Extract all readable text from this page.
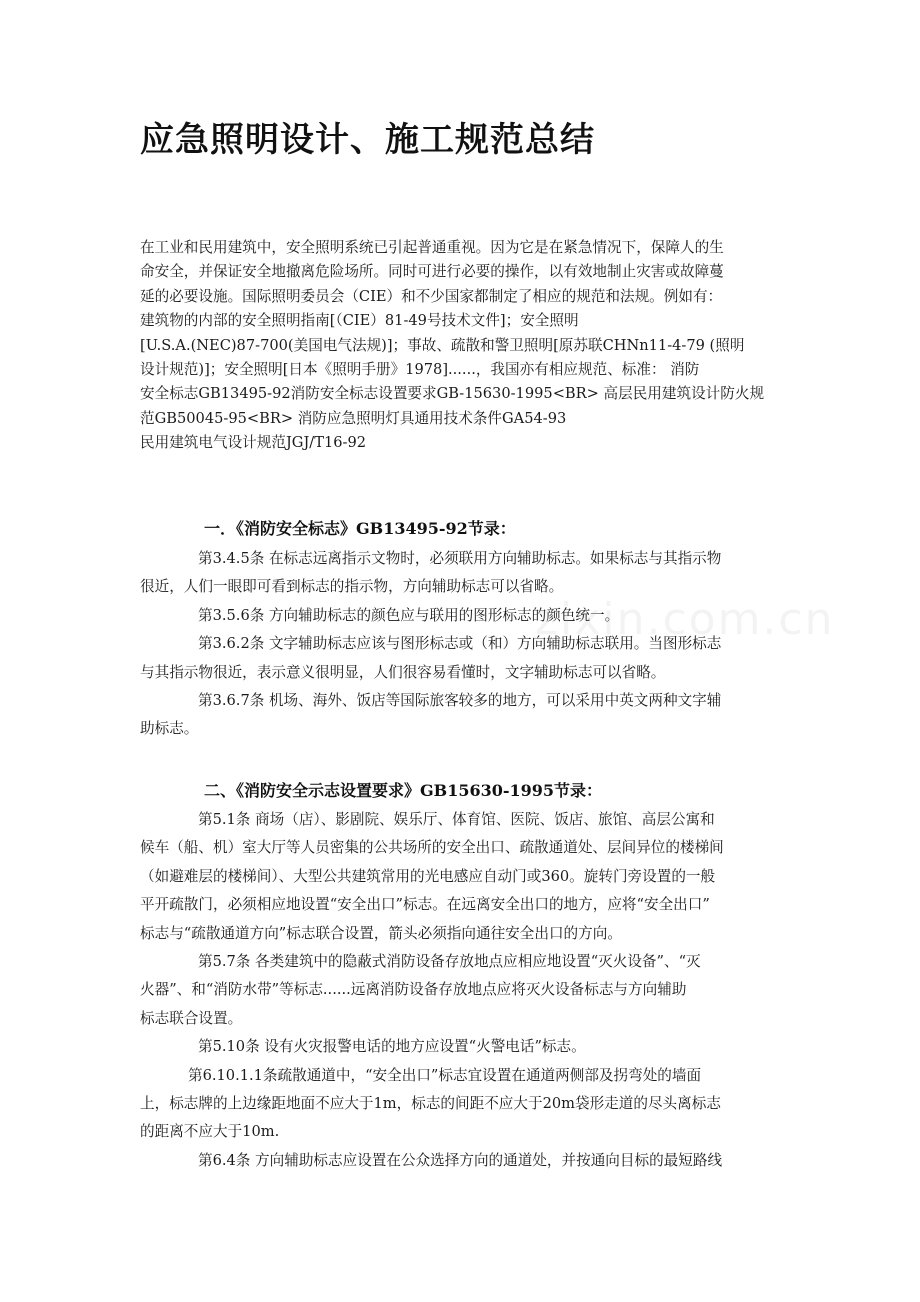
应急照明设计、施工规范总结

在工业和民用建筑中，安全照明系统已引起普通重视。因为它是在紧急情况下，保障人的生
命安全，并保证安全地撤离危险场所。同时可进行必要的操作，以有效地制止灾害或故障蔓
延的必要设施。国际照明委员会（CIE）和不少国家都制定了相应的规范和法规。例如有：
建筑物的内部的安全照明指南[（CIE）81-49号技术文件]；安全照明
[U.S.A.(NEC)87-700(美国电气法规)]；事故、疏散和警卫照明[原苏联CHNn11-4-79 (照明
设计规范)]；安全照明[日本《照明手册》1978]......，我国亦有相应规范、标准： 消防
安全标志GB13495-92消防安全标志设置要求GB-15630-1995<BR> 高层民用建筑设计防火规
范GB50045-95<BR> 消防应急照明灯具通用技术条件GA54-93
民用建筑电气设计规范JGJ/T16-92

一．《消防安全标志》GB13495-92节录：

第3.4.5条 在标志远离指示文物时，必须联用方向辅助标志。如果标志与其指示物

很近，人们一眼即可看到标志的指示物，方向辅助标志可以省略。

第3.5.6条 方向辅助标志的颜色应与联用的图形标志的颜色统一。

第3.6.2条 文字辅助标志应该与图形标志或（和）方向辅助标志联用。当图形标志

与其指示物很近，表示意义很明显，人们很容易看懂时，文字辅助标志可以省略。

第3.6.7条 机场、海外、饭店等国际旅客较多的地方，可以采用中英文两种文字辅

助标志。

二、《消防安全示志设置要求》GB15630-1995节录：

第5.1条 商场（店）、影剧院、娱乐厅、体育馆、医院、饭店、旅馆、高层公寓和

候车（船、机）室大厅等人员密集的公共场所的安全出口、疏散通道处、层间异位的楼梯间

（如避难层的楼梯间）、大型公共建筑常用的光电感应自动门或360。旋转门旁设置的一般

平开疏散门，必须相应地设置“安全出口”标志。在远离安全出口的地方，应将“安全出口”

标志与“疏散通道方向”标志联合设置，箭头必须指向通往安全出口的方向。

第5.7条 各类建筑中的隐蔽式消防设备存放地点应相应地设置“灭火设备”、“灭

火器”、和“消防水带”等标志......远离消防设备存放地点应将灭火设备标志与方向辅助

标志联合设置。

第5.10条 设有火灾报警电话的地方应设置“火警电话”标志。

第6.10.1.1条疏散通道中，“安全出口”标志宜设置在通道两侧部及拐弯处的墙面

上，标志牌的上边缘距地面不应大于1m，标志的间距不应大于20m袋形走道的尽头离标志

的距离不应大于10m.

第6.4条 方向辅助标志应设置在公众选择方向的通道处，并按通向目标的最短路线

zixin.com.cn
